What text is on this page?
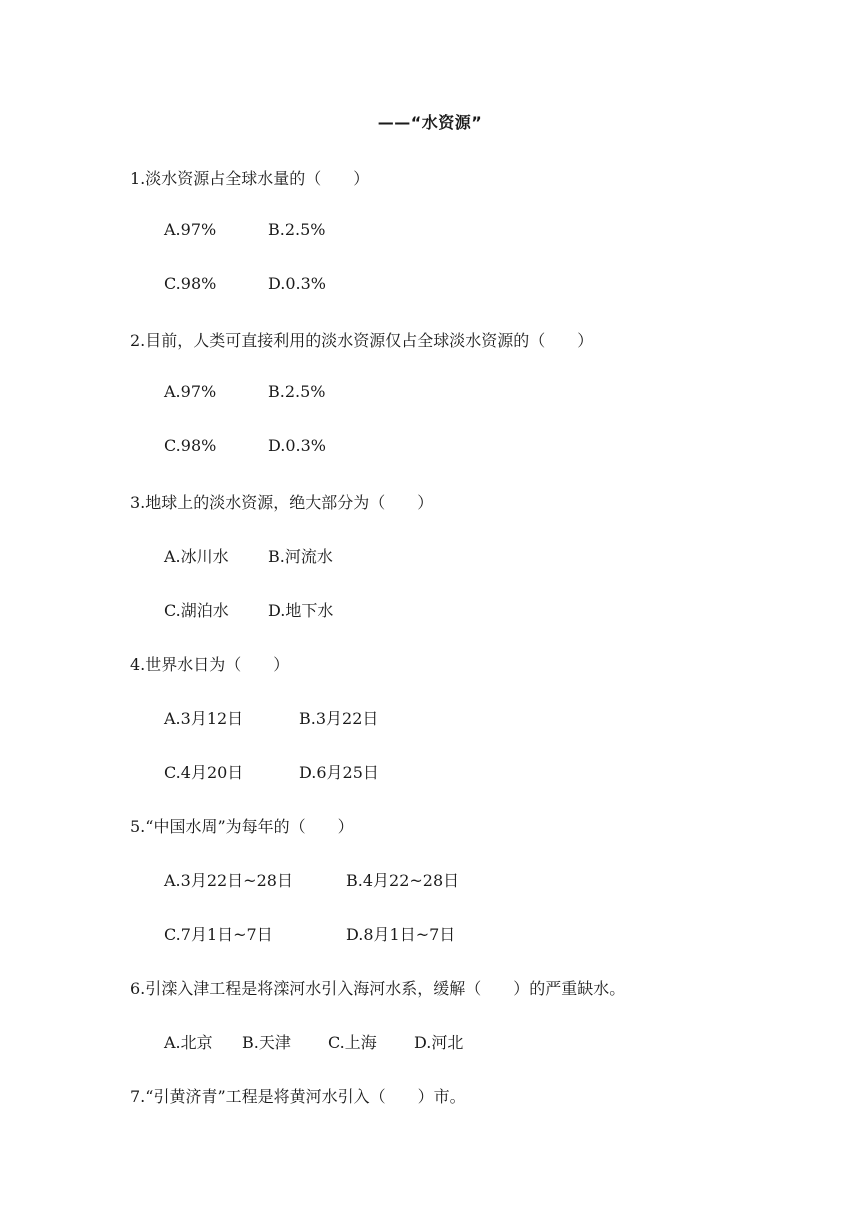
——“水资源”
1.淡水资源占全球水量的（　　）
A.97%	B.2.5%
C.98%	D.0.3%
2.目前，人类可直接利用的淡水资源仅占全球淡水资源的（　　）
A.97%	B.2.5%
C.98%	D.0.3%
3.地球上的淡水资源，绝大部分为（　　）
A.冰川水 B.河流水
C.湖泊水 D.地下水
4.世界水日为（　　）
A.3月12日	B.3月22日
C.4月20日	D.6月25日
5.“中国水周”为每年的（　　）
A.3月22日~28日	B.4月22~28日
C.7月1日~7日	D.8月1日~7日
6.引滦入津工程是将滦河水引入海河水系，缓解（　　）的严重缺水。
A.北京 B.天津 C.上海 D.河北
7.“引黄济青”工程是将黄河水引入（　　）市。
